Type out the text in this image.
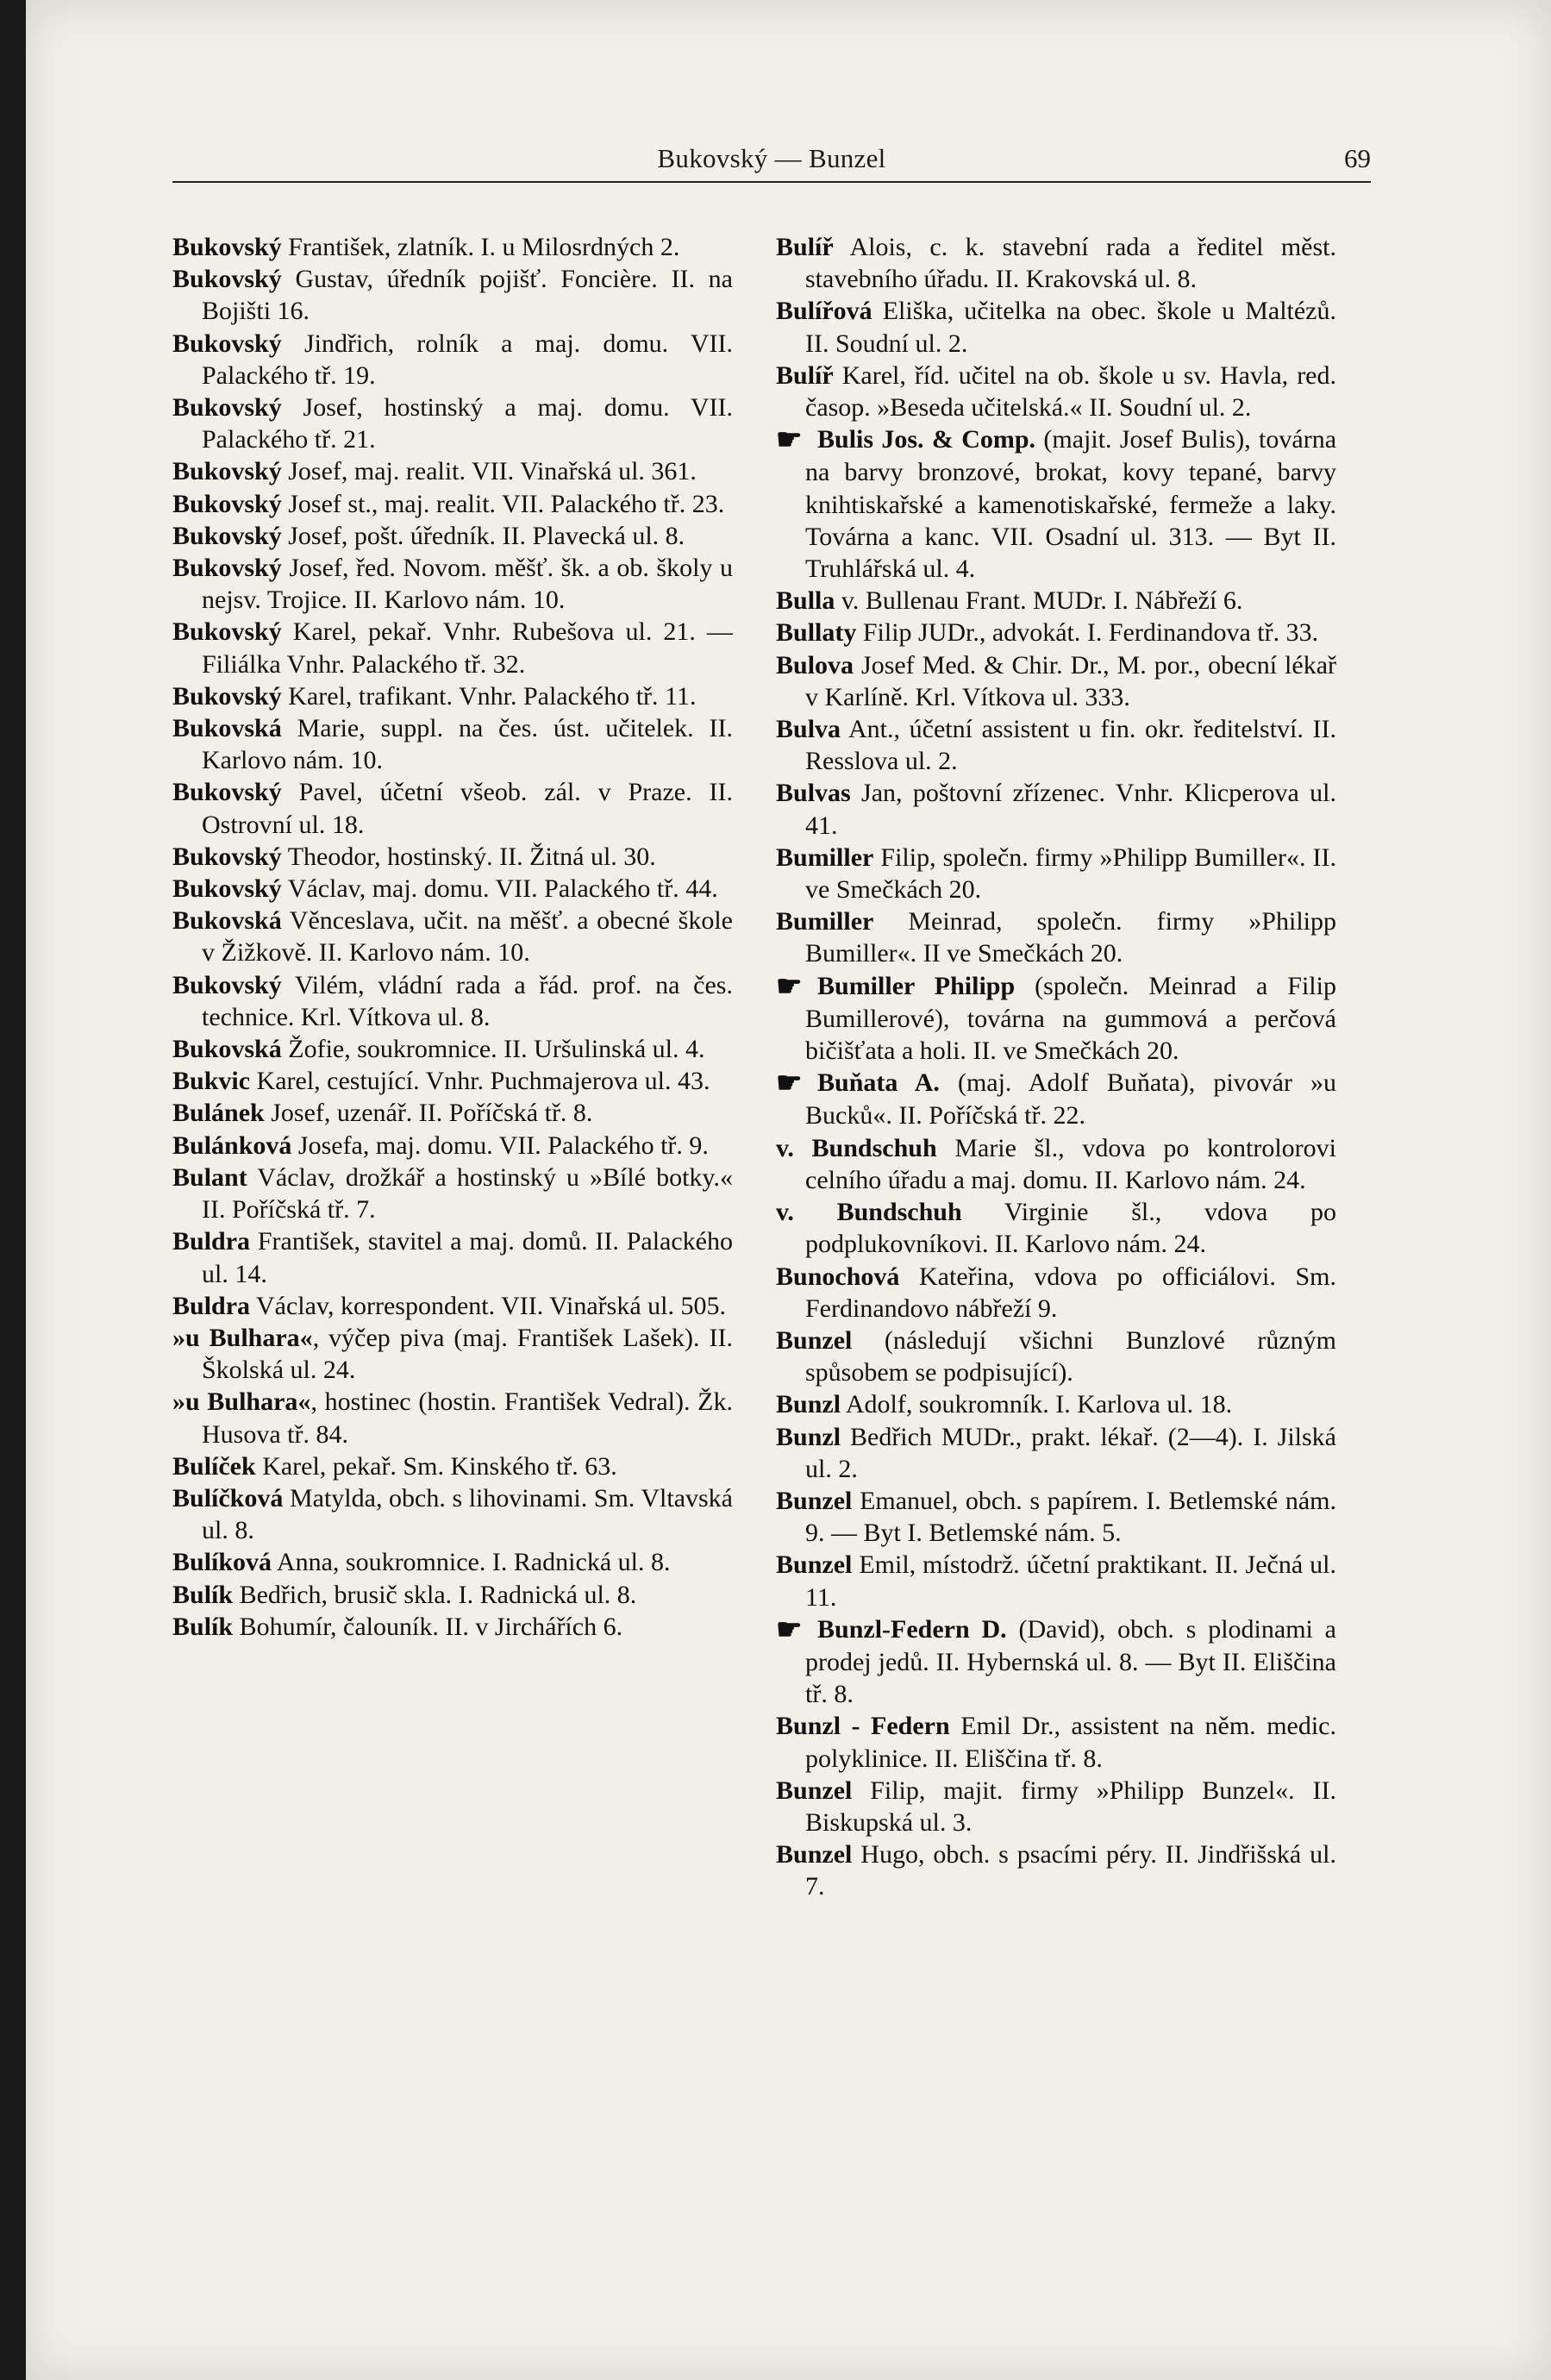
Bukovský — Bunzel	69

Bukovský František, zlatník. I. u Milosrdných 2.

Bukovský Gustav, úředník pojišť. Foncière. II. na Bojišti 16.

Bukovský Jindřich, rolník a maj. domu. VII. Palackého tř. 19.

Bukovský Josef, hostinský a maj. domu. VII. Palackého tř. 21.

Bukovský Josef, maj. realit. VII. Vinařská ul. 361.

Bukovský Josef st., maj. realit. VII. Palackého tř. 23.

Bukovský Josef, pošt. úředník. II. Plavecká ul. 8.

Bukovský Josef, řed. Novom. měšť. šk. a ob. školy u nejsv. Trojice. II. Karlovo nám. 10.

Bukovský Karel, pekař. Vnhr. Rubešova ul. 21. — Filiálka Vnhr. Palackého tř. 32.

Bukovský Karel, trafikant. Vnhr. Palackého tř. 11.

Bukovská Marie, suppl. na čes. úst. učitelek. II. Karlovo nám. 10.

Bukovský Pavel, účetní všeob. zál. v Praze. II. Ostrovní ul. 18.

Bukovský Theodor, hostinský. II. Žitná ul. 30.

Bukovský Václav, maj. domu. VII. Palackého tř. 44.

Bukovská Věnceslava, učit. na měšť. a obecné škole v Žižkově. II. Karlovo nám. 10.

Bukovský Vilém, vládní rada a řád. prof. na čes. technice. Krl. Vítkova ul. 8.

Bukovská Žofie, soukromnice. II. Uršulinská ul. 4.

Bukvic Karel, cestující. Vnhr. Puchmajerova ul. 43.

Bulánek Josef, uzenář. II. Poříčská tř. 8.

Bulánková Josefa, maj. domu. VII. Palackého tř. 9.

Bulant Václav, drožkář a hostinský u »Bílé botky.« II. Poříčská tř. 7.

Buldra František, stavitel a maj. domů. II. Palackého ul. 14.

Buldra Václav, korrespondent. VII. Vinařská ul. 505.

»u Bulhara«, výčep piva (maj. František Lašek). II. Školská ul. 24.

»u Bulhara«, hostinec (hostin. František Vedral). Žk. Husova tř. 84.

Bulíček Karel, pekař. Sm. Kinského tř. 63.

Bulíčková Matylda, obch. s lihovinami. Sm. Vltavská ul. 8.

Bulíková Anna, soukromnice. I. Radnická ul. 8.

Bulík Bedřich, brusič skla. I. Radnická ul. 8.

Bulík Bohumír, čalouník. II. v Jirchářích 6.

Bulíř Alois, c. k. stavební rada a ředitel měst. stavebního úřadu. II. Krakovská ul. 8.

Bulířová Eliška, učitelka na obec. škole u Maltézů. II. Soudní ul. 2.

Bulíř Karel, říd. učitel na ob. škole u sv. Havla, red. časop. »Beseda učitelská.« II. Soudní ul. 2.

☛Bulis Jos. & Comp. (majit. Josef Bulis), továrna na barvy bronzové, brokat, kovy tepané, barvy knihtiskařské a kamenotiskařské, fermeže a laky. Továrna a kanc. VII. Osadní ul. 313. — Byt II. Truhlářská ul. 4.

Bulla v. Bullenau Frant. MUDr. I. Nábřeží 6.

Bullaty Filip JUDr., advokát. I. Ferdinandova tř. 33.

Bulova Josef Med. & Chir. Dr., M. por., obecní lékař v Karlíně. Krl. Vítkova ul. 333.

Bulva Ant., účetní assistent u fin. okr. ředitelství. II. Resslova ul. 2.

Bulvas Jan, poštovní zřízenec. Vnhr. Klicperova ul. 41.

Bumiller Filip, společn. firmy »Philipp Bumiller«. II. ve Smečkách 20.

Bumiller Meinrad, společn. firmy »Philipp Bumiller«. II ve Smečkách 20.

☛Bumiller Philipp (společn. Meinrad a Filip Bumillerové), továrna na gummová a perčová bičišťata a holi. II. ve Smečkách 20.

☛Buňata A. (maj. Adolf Buňata), pivovár »u Bucků«. II. Poříčská tř. 22.

v. Bundschuh Marie šl., vdova po kontrolorovi celního úřadu a maj. domu. II. Karlovo nám. 24.

v. Bundschuh Virginie šl., vdova po podplukovníkovi. II. Karlovo nám. 24.

Bunochová Kateřina, vdova po officiálovi. Sm. Ferdinandovo nábřeží 9.

Bunzel (následují všichni Bunzlové různým spůsobem se podpisující).

Bunzl Adolf, soukromník. I. Karlova ul. 18.

Bunzl Bedřich MUDr., prakt. lékař. (2—4). I. Jilská ul. 2.

Bunzel Emanuel, obch. s papírem. I. Betlemské nám. 9. — Byt I. Betlemské nám. 5.

Bunzel Emil, místodrž. účetní praktikant. II. Ječná ul. 11.

☛Bunzl-Federn D. (David), obch. s plodinami a prodej jedů. II. Hybernská ul. 8. — Byt II. Eliščina tř. 8.

Bunzl - Federn Emil Dr., assistent na něm. medic. polyklinice. II. Eliščina tř. 8.

Bunzel Filip, majit. firmy »Philipp Bunzel«. II. Biskupská ul. 3.

Bunzel Hugo, obch. s psacími péry. II. Jindřišská ul. 7.
